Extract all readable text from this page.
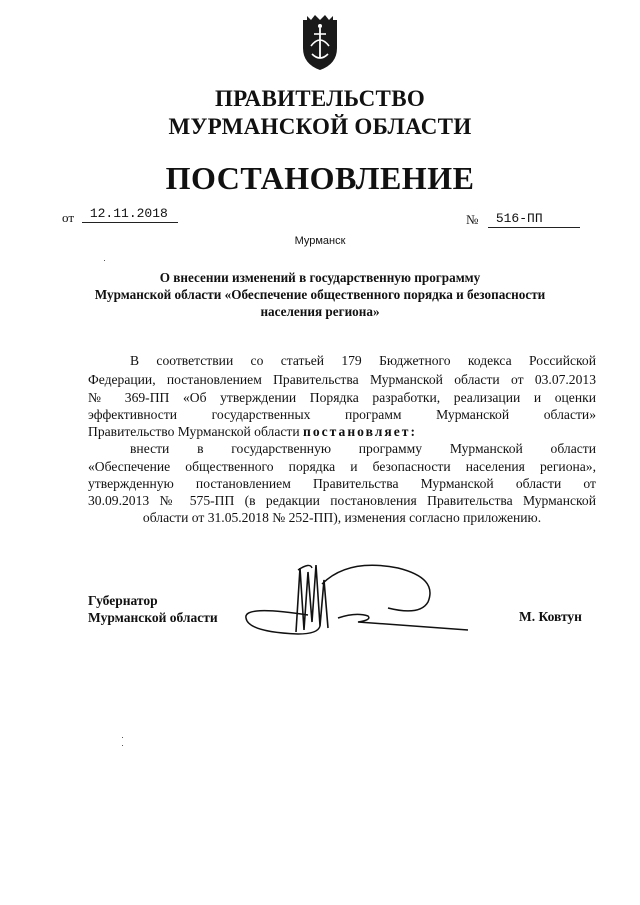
ПРАВИТЕЛЬСТВО
МУРМАНСКОЙ ОБЛАСТИ
ПОСТАНОВЛЕНИЕ
от	12.11.2018	№	516-ПП
Мурманск
О внесении изменений в государственную программу
Мурманской области «Обеспечение общественного порядка и безопасности
населения региона»
В соответствии со статьей 179 Бюджетного кодекса Российской
Федерации, постановлением Правительства Мурманской области от 03.07.2013
№ 369-ПП «Об утверждении Порядка разработки, реализации и оценки
эффективности государственных программ Мурманской области»
Правительство Мурманской области постановляет:
внести в государственную программу Мурманской области
«Обеспечение общественного порядка и безопасности населения региона»,
утвержденную постановлением Правительства Мурманской области от
30.09.2013 № 575-ПП (в редакции постановления Правительства Мурманской
области от 31.05.2018 № 252-ПП), изменения согласно приложению.
Губернатор
Мурманской области	М. Ковтун
